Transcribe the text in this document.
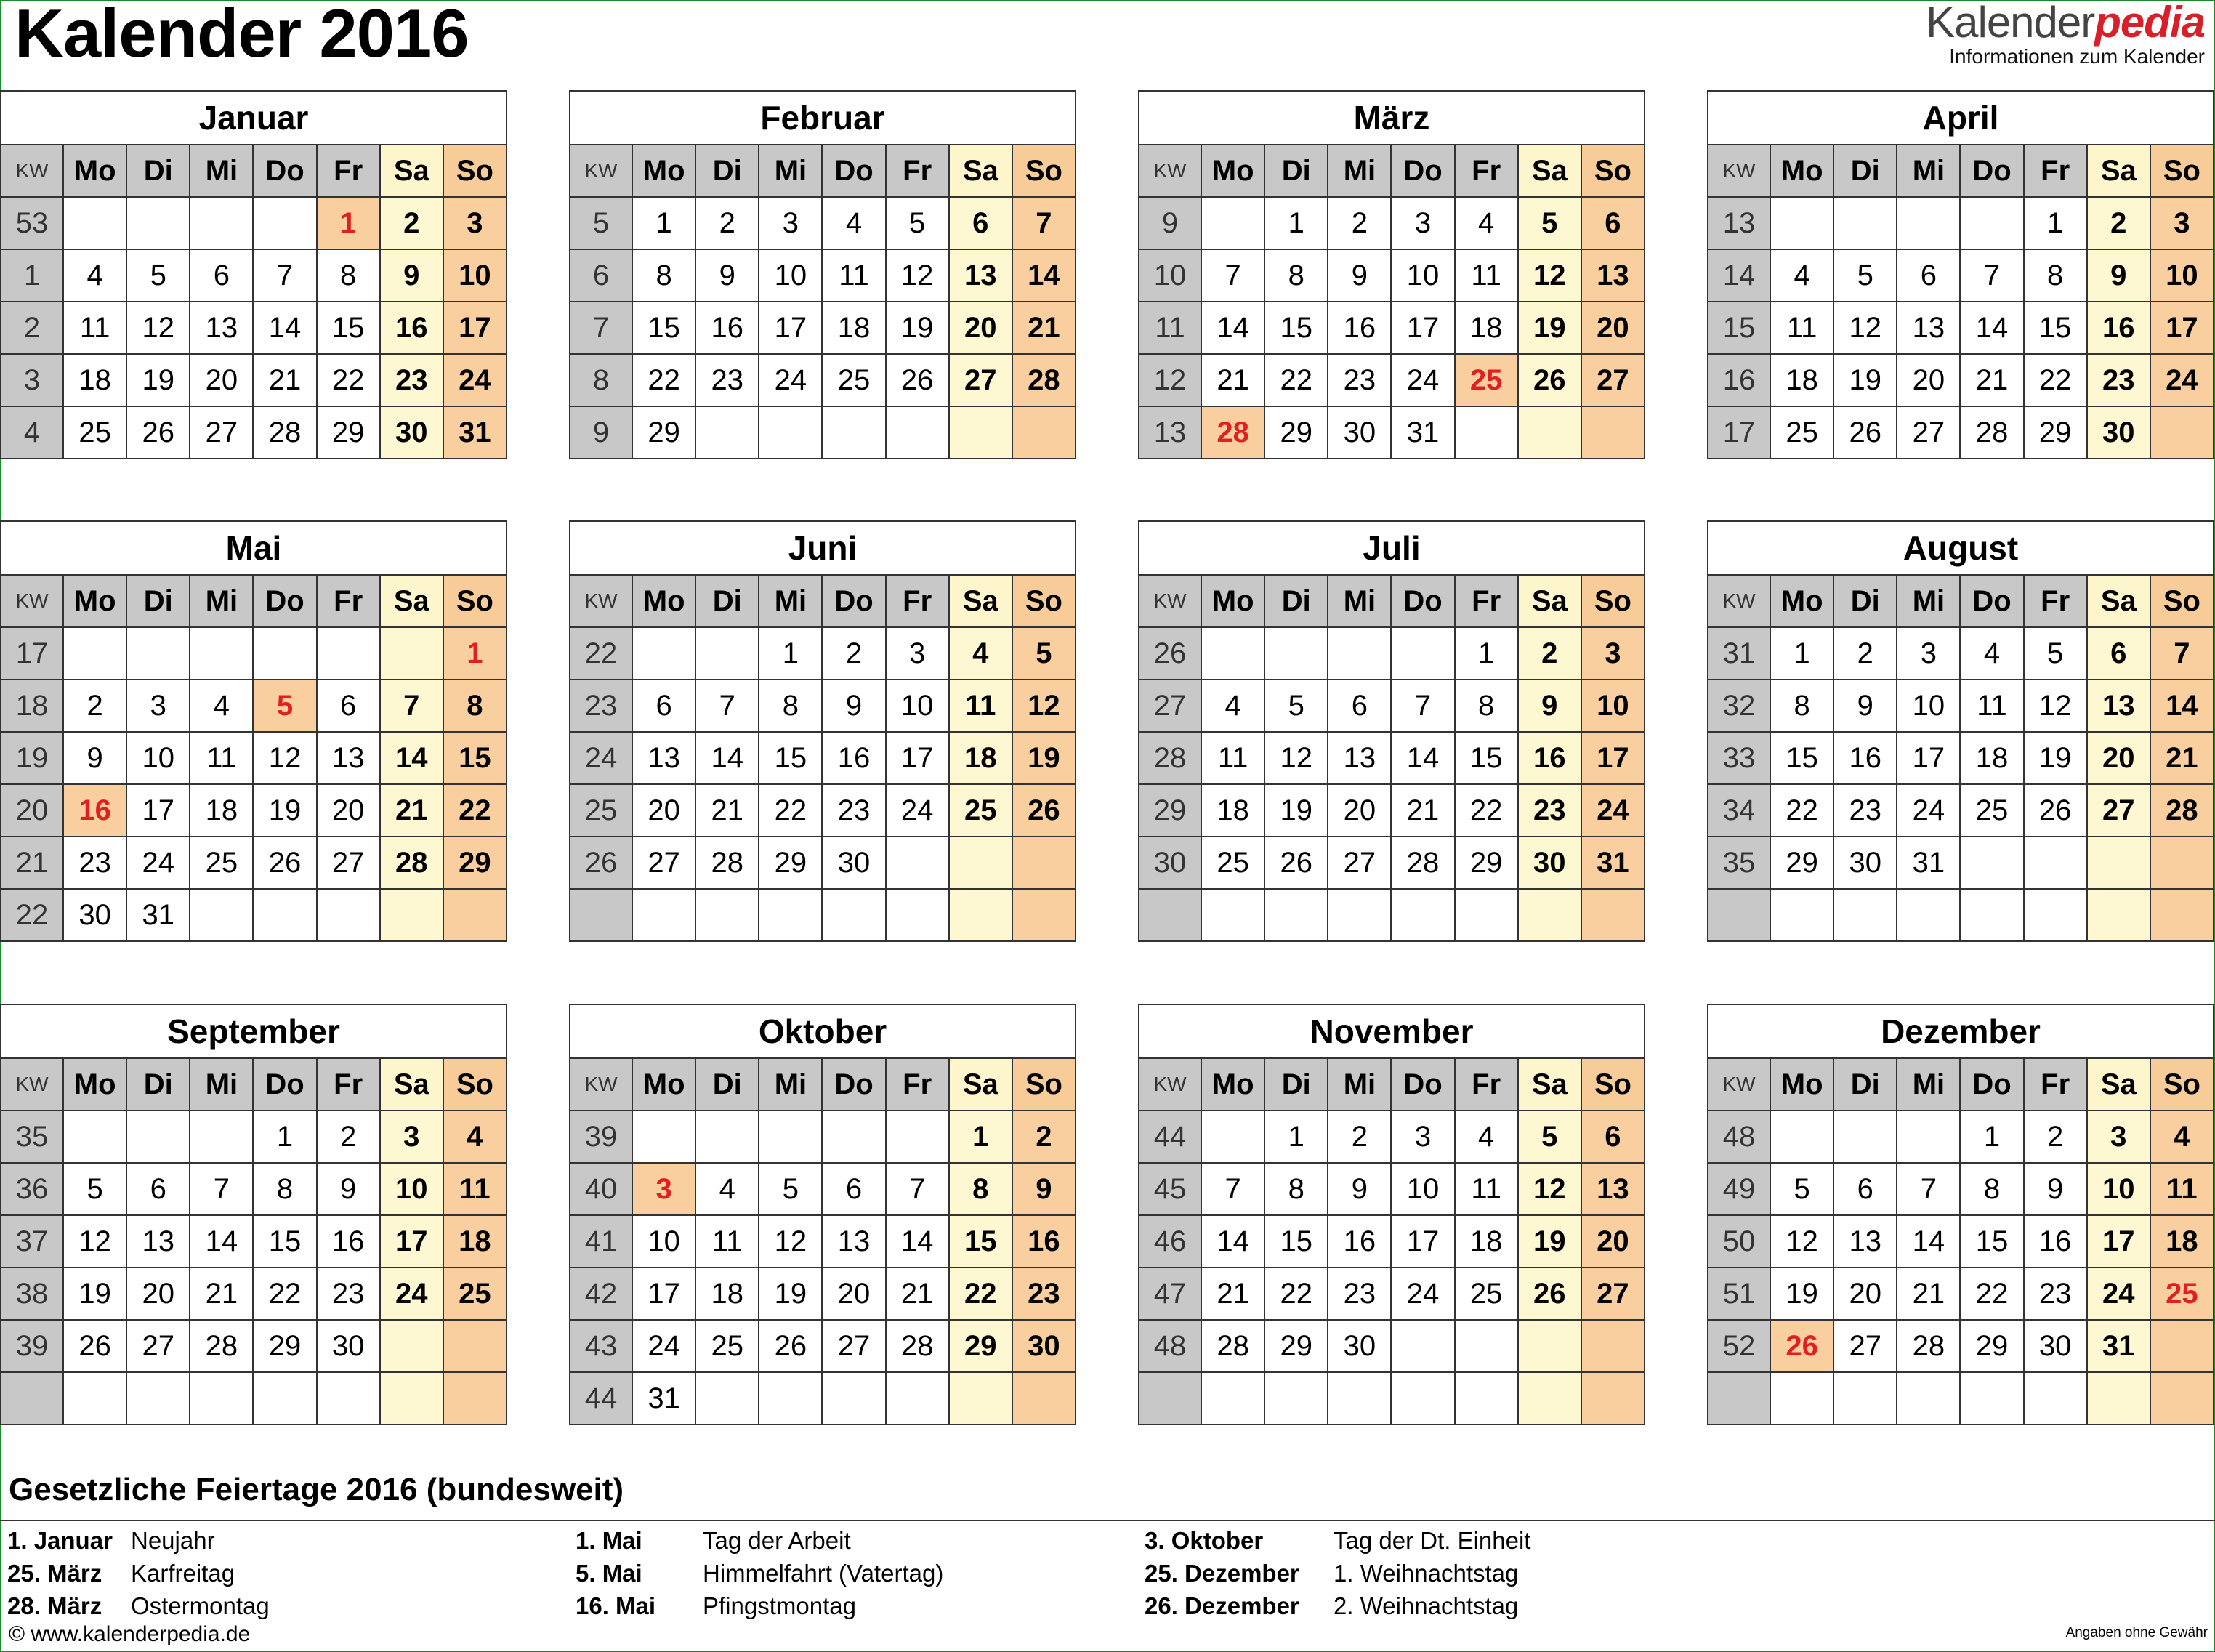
Kalender 2016	Kalenderpedia
Informationen zum Kalender
Januar
KW	Mo	Di	Mi	Do	Fr	Sa	So
53					1	2	3
1	4	5	6	7	8	9	10
2	11	12	13	14	15	16	17
3	18	19	20	21	22	23	24
4	25	26	27	28	29	30	31
Februar
KW	Mo	Di	Mi	Do	Fr	Sa	So
5	1	2	3	4	5	6	7
6	8	9	10	11	12	13	14
7	15	16	17	18	19	20	21
8	22	23	24	25	26	27	28
9	29						
März
KW	Mo	Di	Mi	Do	Fr	Sa	So
9		1	2	3	4	5	6
10	7	8	9	10	11	12	13
11	14	15	16	17	18	19	20
12	21	22	23	24	25	26	27
13	28	29	30	31			
April
KW	Mo	Di	Mi	Do	Fr	Sa	So
13					1	2	3
14	4	5	6	7	8	9	10
15	11	12	13	14	15	16	17
16	18	19	20	21	22	23	24
17	25	26	27	28	29	30	
Mai
KW	Mo	Di	Mi	Do	Fr	Sa	So
17							1
18	2	3	4	5	6	7	8
19	9	10	11	12	13	14	15
20	16	17	18	19	20	21	22
21	23	24	25	26	27	28	29
22	30	31					
Juni
KW	Mo	Di	Mi	Do	Fr	Sa	So
22			1	2	3	4	5
23	6	7	8	9	10	11	12
24	13	14	15	16	17	18	19
25	20	21	22	23	24	25	26
26	27	28	29	30			

Juli
KW	Mo	Di	Mi	Do	Fr	Sa	So
26					1	2	3
27	4	5	6	7	8	9	10
28	11	12	13	14	15	16	17
29	18	19	20	21	22	23	24
30	25	26	27	28	29	30	31

August
KW	Mo	Di	Mi	Do	Fr	Sa	So
31	1	2	3	4	5	6	7
32	8	9	10	11	12	13	14
33	15	16	17	18	19	20	21
34	22	23	24	25	26	27	28
35	29	30	31				

September
KW	Mo	Di	Mi	Do	Fr	Sa	So
35				1	2	3	4
36	5	6	7	8	9	10	11
37	12	13	14	15	16	17	18
38	19	20	21	22	23	24	25
39	26	27	28	29	30		

Oktober
KW	Mo	Di	Mi	Do	Fr	Sa	So
39						1	2
40	3	4	5	6	7	8	9
41	10	11	12	13	14	15	16
42	17	18	19	20	21	22	23
43	24	25	26	27	28	29	30
44	31						
November
KW	Mo	Di	Mi	Do	Fr	Sa	So
44		1	2	3	4	5	6
45	7	8	9	10	11	12	13
46	14	15	16	17	18	19	20
47	21	22	23	24	25	26	27
48	28	29	30				

Dezember
KW	Mo	Di	Mi	Do	Fr	Sa	So
48				1	2	3	4
49	5	6	7	8	9	10	11
50	12	13	14	15	16	17	18
51	19	20	21	22	23	24	25
52	26	27	28	29	30	31	

Gesetzliche Feiertage 2016 (bundesweit)
1. Januar Neujahr
25. März Karfreitag
28. März Ostermontag
1. Mai	Tag der Arbeit
5. Mai	Himmelfahrt (Vatertag)
16. Mai Pfingstmontag
3. Oktober	Tag der Dt. Einheit
25. Dezember 1. Weihnachtstag
26. Dezember 2. Weihnachtstag
© www.kalenderpedia.de	Angaben ohne Gewähr
